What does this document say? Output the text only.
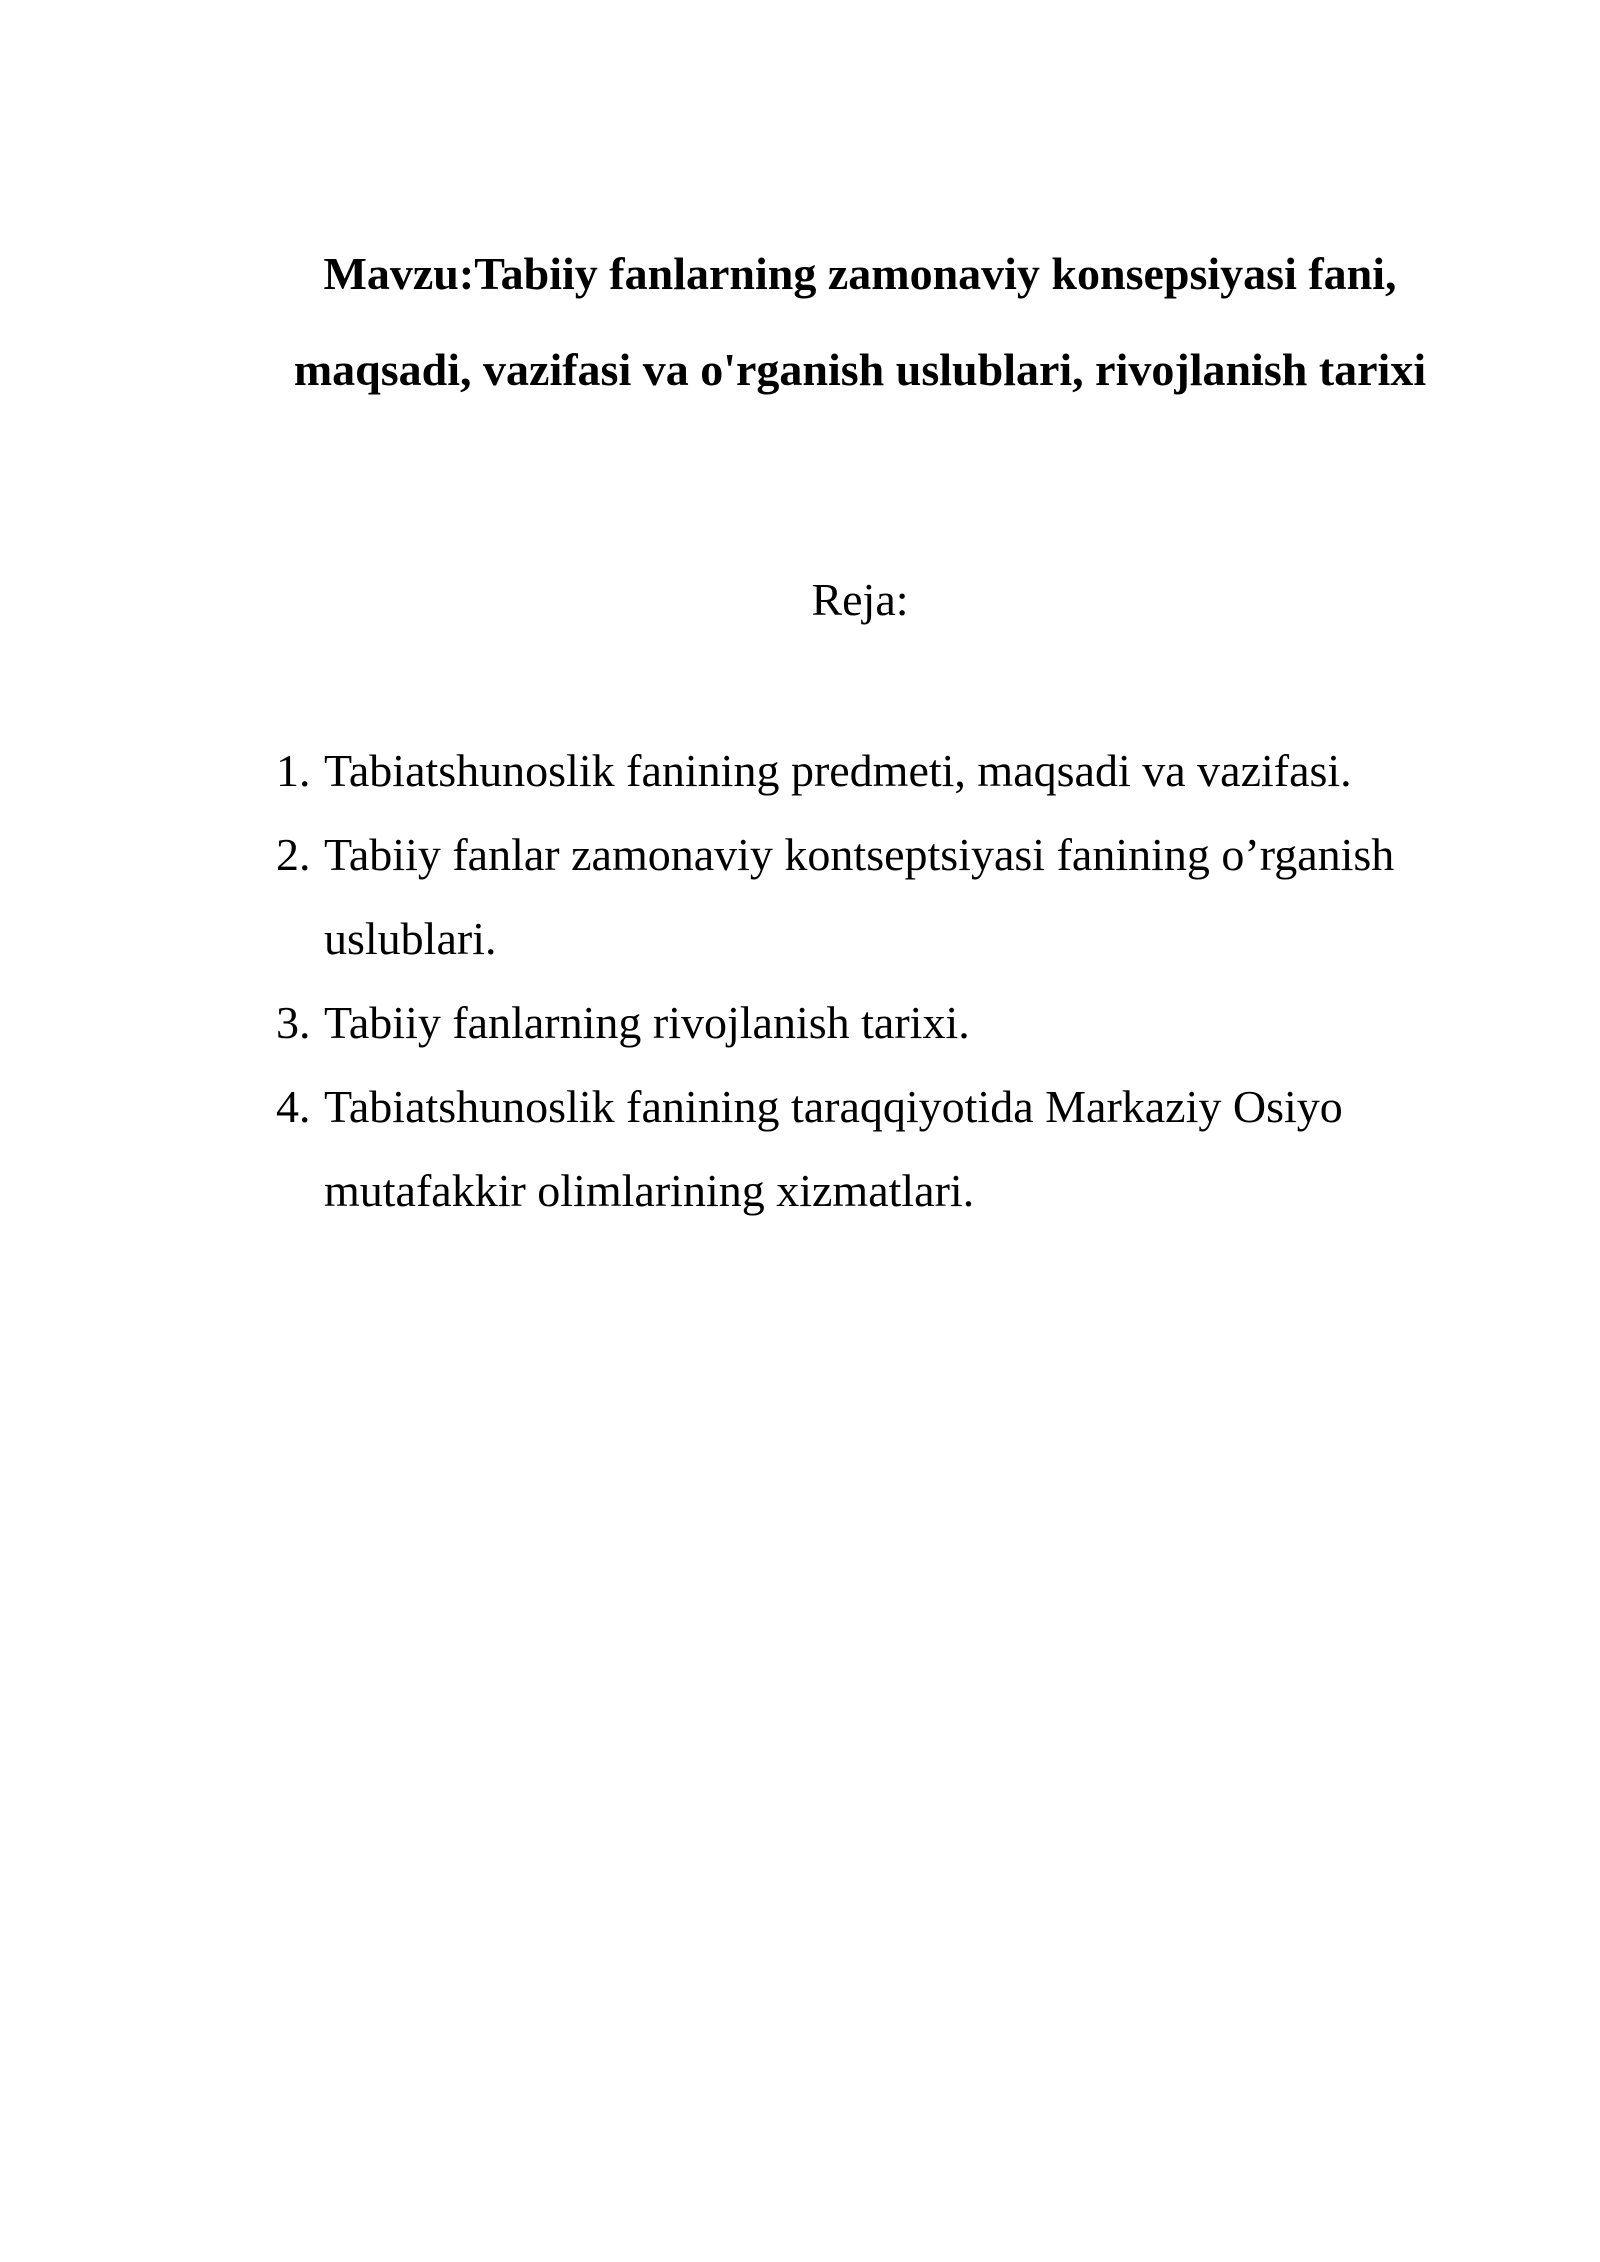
Mavzu:Tabiiy fanlarning zamonaviy konsepsiyasi fani,
maqsadi, vazifasi va o'rganish uslublari, rivojlanish tarixi
Reja:
1. Tabiatshunoslik fanining predmeti, maqsadi va vazifasi.
2. Tabiiy fanlar zamonaviy kontseptsiyasi fanining o’rganish uslublari.
3. Tabiiy fanlarning rivojlanish tarixi.
4. Tabiatshunoslik fanining taraqqiyotida Markaziy Osiyo mutafakkir olimlarining xizmatlari.
